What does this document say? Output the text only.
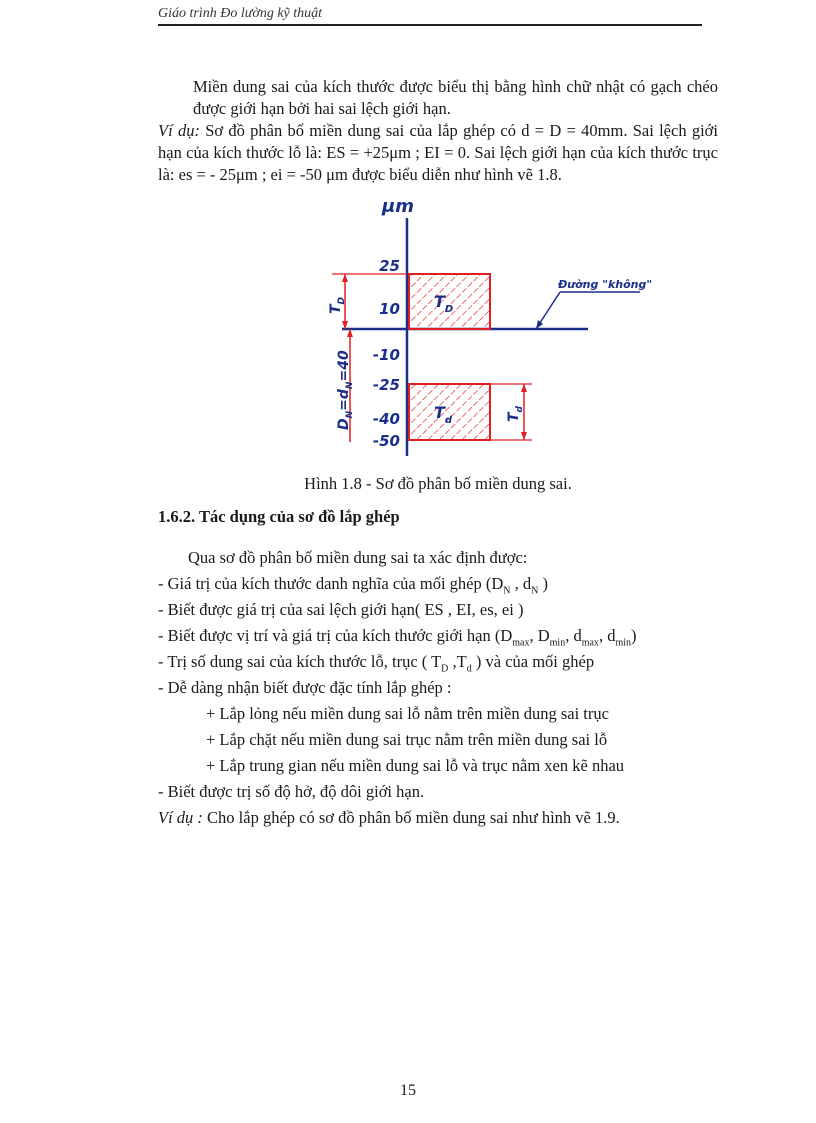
Giáo trình Đo lường kỹ thuật

Miền dung sai của kích thước được biểu thị bằng hình chữ nhật có gạch chéo được giới hạn bởi hai sai lệch giới hạn.

Ví dụ: Sơ đồ phân bố miền dung sai của lắp ghép có d = D = 40mm. Sai lệch giới hạn của kích thước lỗ là: ES = +25μm ; EI = 0. Sai lệch giới hạn của kích thước trục là: es = - 25μm ; ei = -50 μm được biểu diễn như hình vẽ 1.8.

μm
$T_D$
$T_d$
25
10
-10
-25
-40
-50
$T_D$
$D_N=d_N=40$
$T_d$
Đường "không"
Hình 1.8 - Sơ đồ phân bố miền dung sai.
1.6.2. Tác dụng của sơ đồ lắp ghép
Qua sơ đồ phân bố miền dung sai ta xác định được:
- Giá trị của kích thước danh nghĩa của mối ghép ($D_N$ , $d_N$ )
- Biết được giá trị của sai lệch giới hạn( ES , EI, es, ei )
- Biết được vị trí và giá trị của kích thước giới hạn ($D_{max}$, $D_{min}$, $d_{max}$, $d_{min}$)
- Trị số dung sai của kích thước lỗ, trục ( $T_D$ $,T_d$ ) và của mối ghép
- Dễ dàng nhận biết được đặc tính lắp ghép :
+ Lắp lỏng nếu miền dung sai lỗ nằm trên miền dung sai trục
+ Lắp chặt nếu miền dung sai trục nằm trên miền dung sai lỗ
+ Lắp trung gian nếu miền dung sai lỗ và trục nằm xen kẽ nhau
- Biết được trị số độ hở, độ dôi giới hạn.
Ví dụ : Cho lắp ghép có sơ đồ phân bố miền dung sai như hình vẽ 1.9.
15
